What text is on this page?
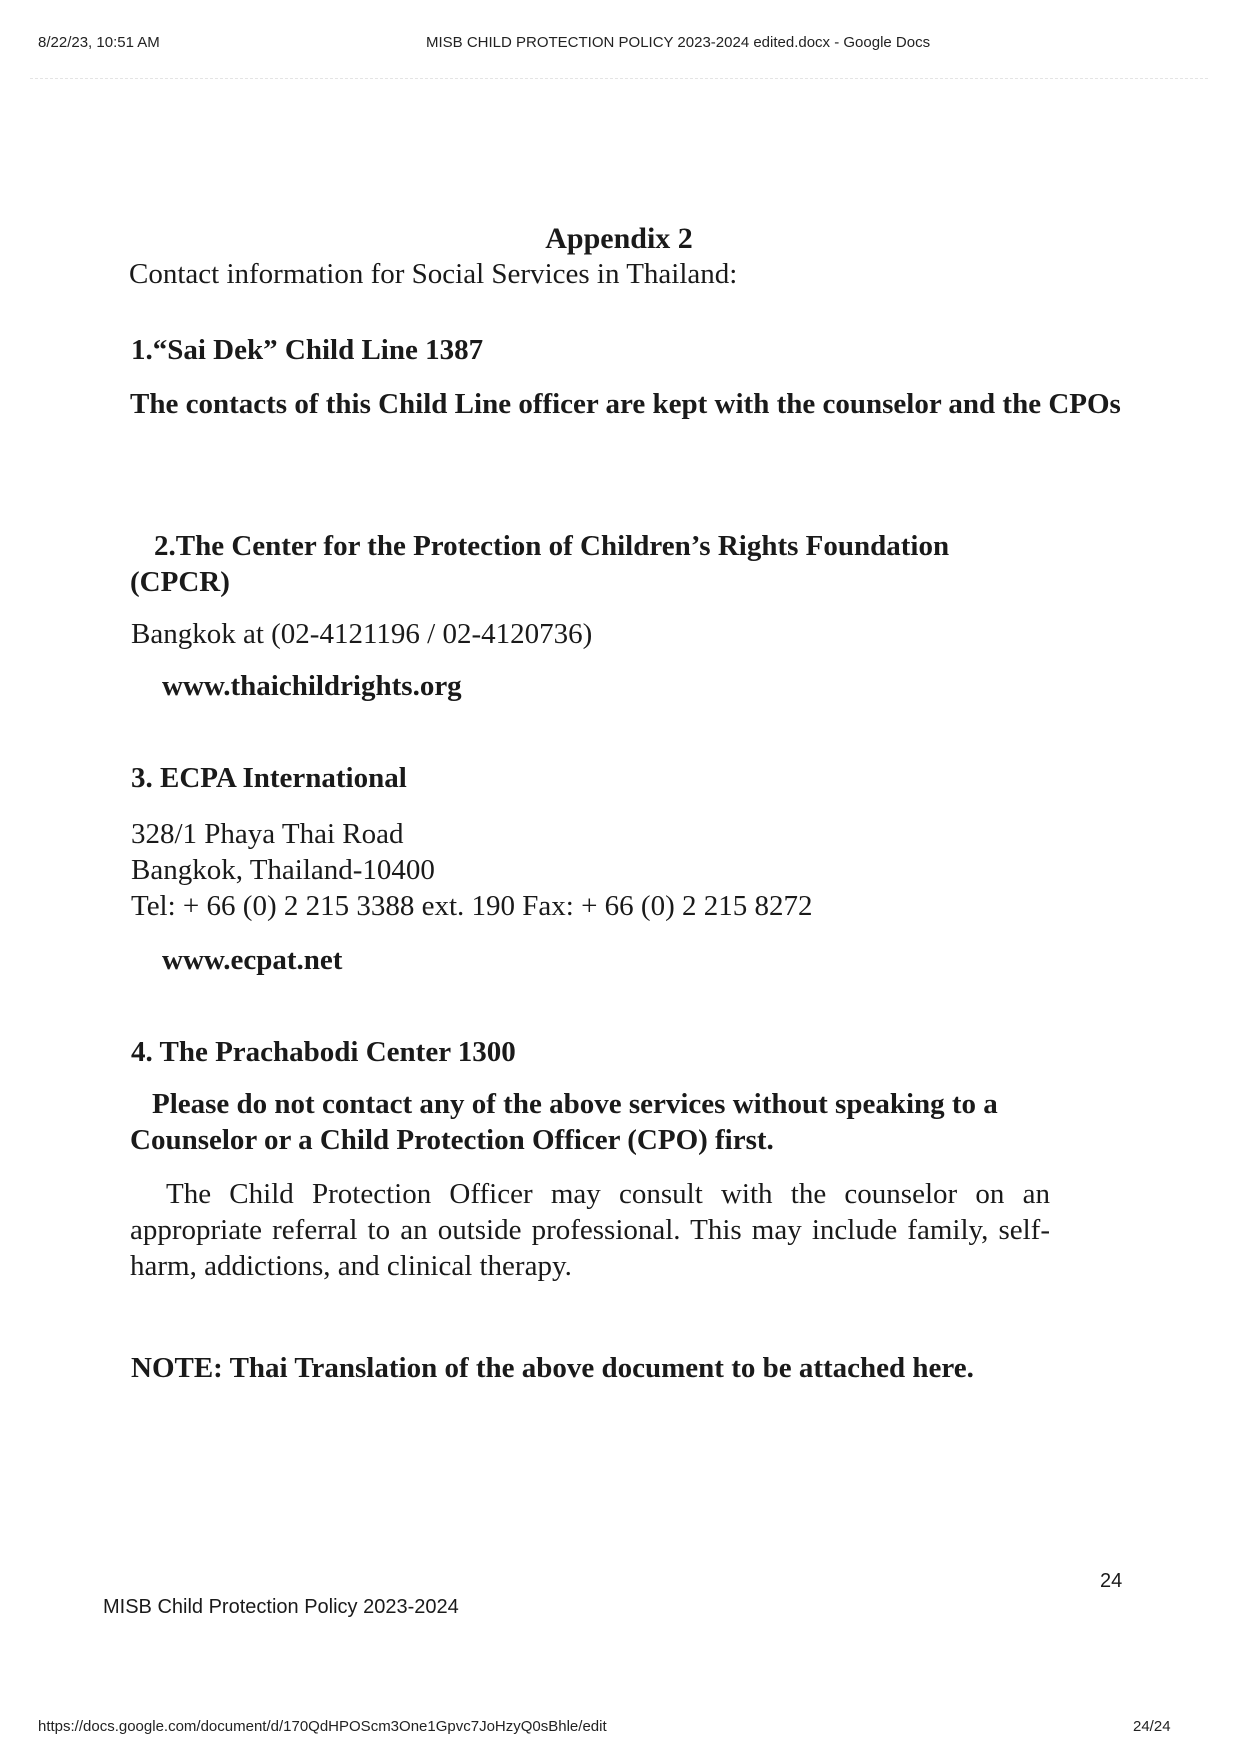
8/22/23, 10:51 AM	MISB CHILD PROTECTION POLICY 2023-2024 edited.docx - Google Docs
Appendix 2
Contact information for Social Services in Thailand:
1.“Sai Dek” Child Line 1387
The contacts of this Child Line officer are kept with the counselor and the CPOs
2.The Center for the Protection of Children’s Rights Foundation (CPCR)
Bangkok at (02-4121196 / 02-4120736)
www.thaichildrights.org
3. ECPA International
328/1 Phaya Thai Road
Bangkok, Thailand-10400
Tel: + 66 (0) 2 215 3388 ext. 190 Fax: + 66 (0) 2 215 8272
www.ecpat.net
4. The Prachabodi Center 1300
Please do not contact any of the above services without speaking to a Counselor or a Child Protection Officer (CPO) first.
The Child Protection Officer may consult with the counselor on an appropriate referral to an outside professional. This may include family, self-harm, addictions, and clinical therapy.
NOTE: Thai Translation of the above document to be attached here.
24
MISB Child Protection Policy 2023-2024
https://docs.google.com/document/d/170QdHPOScm3One1Gpvc7JoHzyQ0sBhle/edit	24/24
